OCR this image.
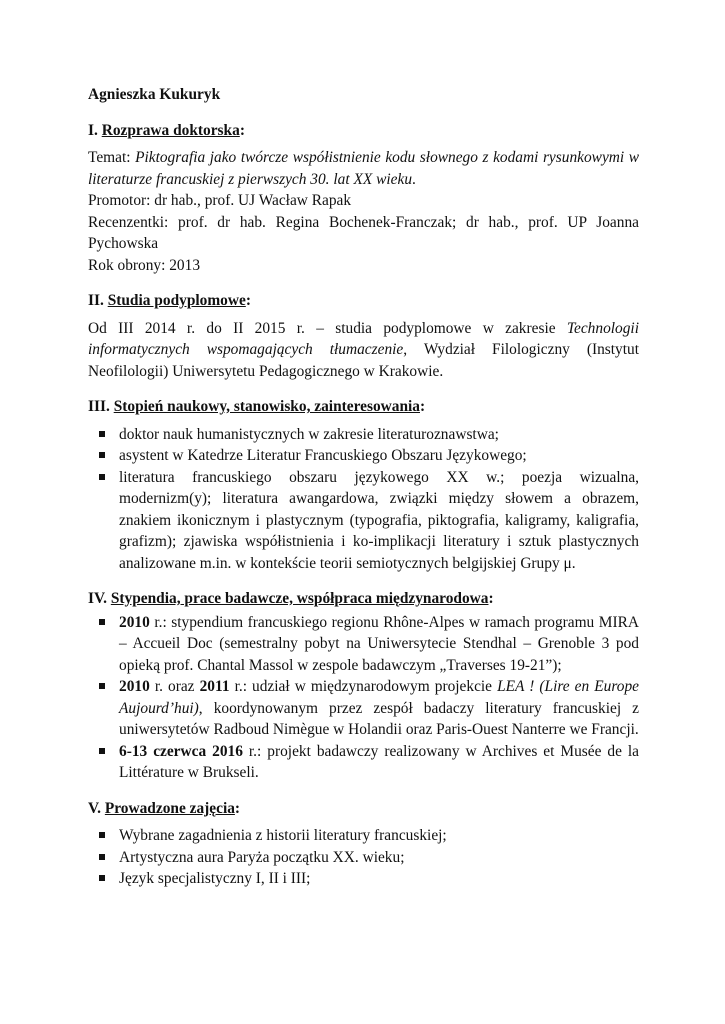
Agnieszka Kukuryk

I. Rozprawa doktorska:

Temat: Piktografia jako twórcze współistnienie kodu słownego z kodami rysunkowymi w literaturze francuskiej z pierwszych 30. lat XX wieku.

Promotor: dr hab., prof. UJ Wacław Rapak

Recenzentki: prof. dr hab. Regina Bochenek-Franczak; dr hab., prof. UP Joanna Pychowska

Rok obrony: 2013

II. Studia podyplomowe:

Od III 2014 r. do II 2015 r. – studia podyplomowe w zakresie Technologii informatycznych wspomagających tłumaczenie, Wydział Filologiczny (Instytut Neofilologii) Uniwersytetu Pedagogicznego w Krakowie.

III. Stopień naukowy, stanowisko, zainteresowania:
doktor nauk humanistycznych w zakresie literaturoznawstwa;
asystent w Katedrze Literatur Francuskiego Obszaru Językowego;
literatura francuskiego obszaru językowego XX w.; poezja wizualna, modernizm(y); literatura awangardowa, związki między słowem a obrazem, znakiem ikonicznym i plastycznym (typografia, piktografia, kaligramy, kaligrafia, grafizm); zjawiska współistnienia i ko-implikacji literatury i sztuk plastycznych analizowane m.in. w kontekście teorii semiotycznych belgijskiej Grupy μ.
IV. Stypendia, prace badawcze, współpraca międzynarodowa:
2010 r.: stypendium francuskiego regionu Rhône-Alpes w ramach programu MIRA – Accueil Doc (semestralny pobyt na Uniwersytecie Stendhal – Grenoble 3 pod opieką prof. Chantal Massol w zespole badawczym „Traverses 19-21”);
2010 r. oraz 2011 r.: udział w międzynarodowym projekcie LEA ! (Lire en Europe Aujourd’hui), koordynowanym przez zespół badaczy literatury francuskiej z uniwersytetów Radboud Nimègue w Holandii oraz Paris-Ouest Nanterre we Francji.
6-13 czerwca 2016 r.: projekt badawczy realizowany w Archives et Musée de la Littérature w Brukseli.
V. Prowadzone zajęcia:
Wybrane zagadnienia z historii literatury francuskiej;
Artystyczna aura Paryża początku XX. wieku;
Język specjalistyczny I, II i III;
